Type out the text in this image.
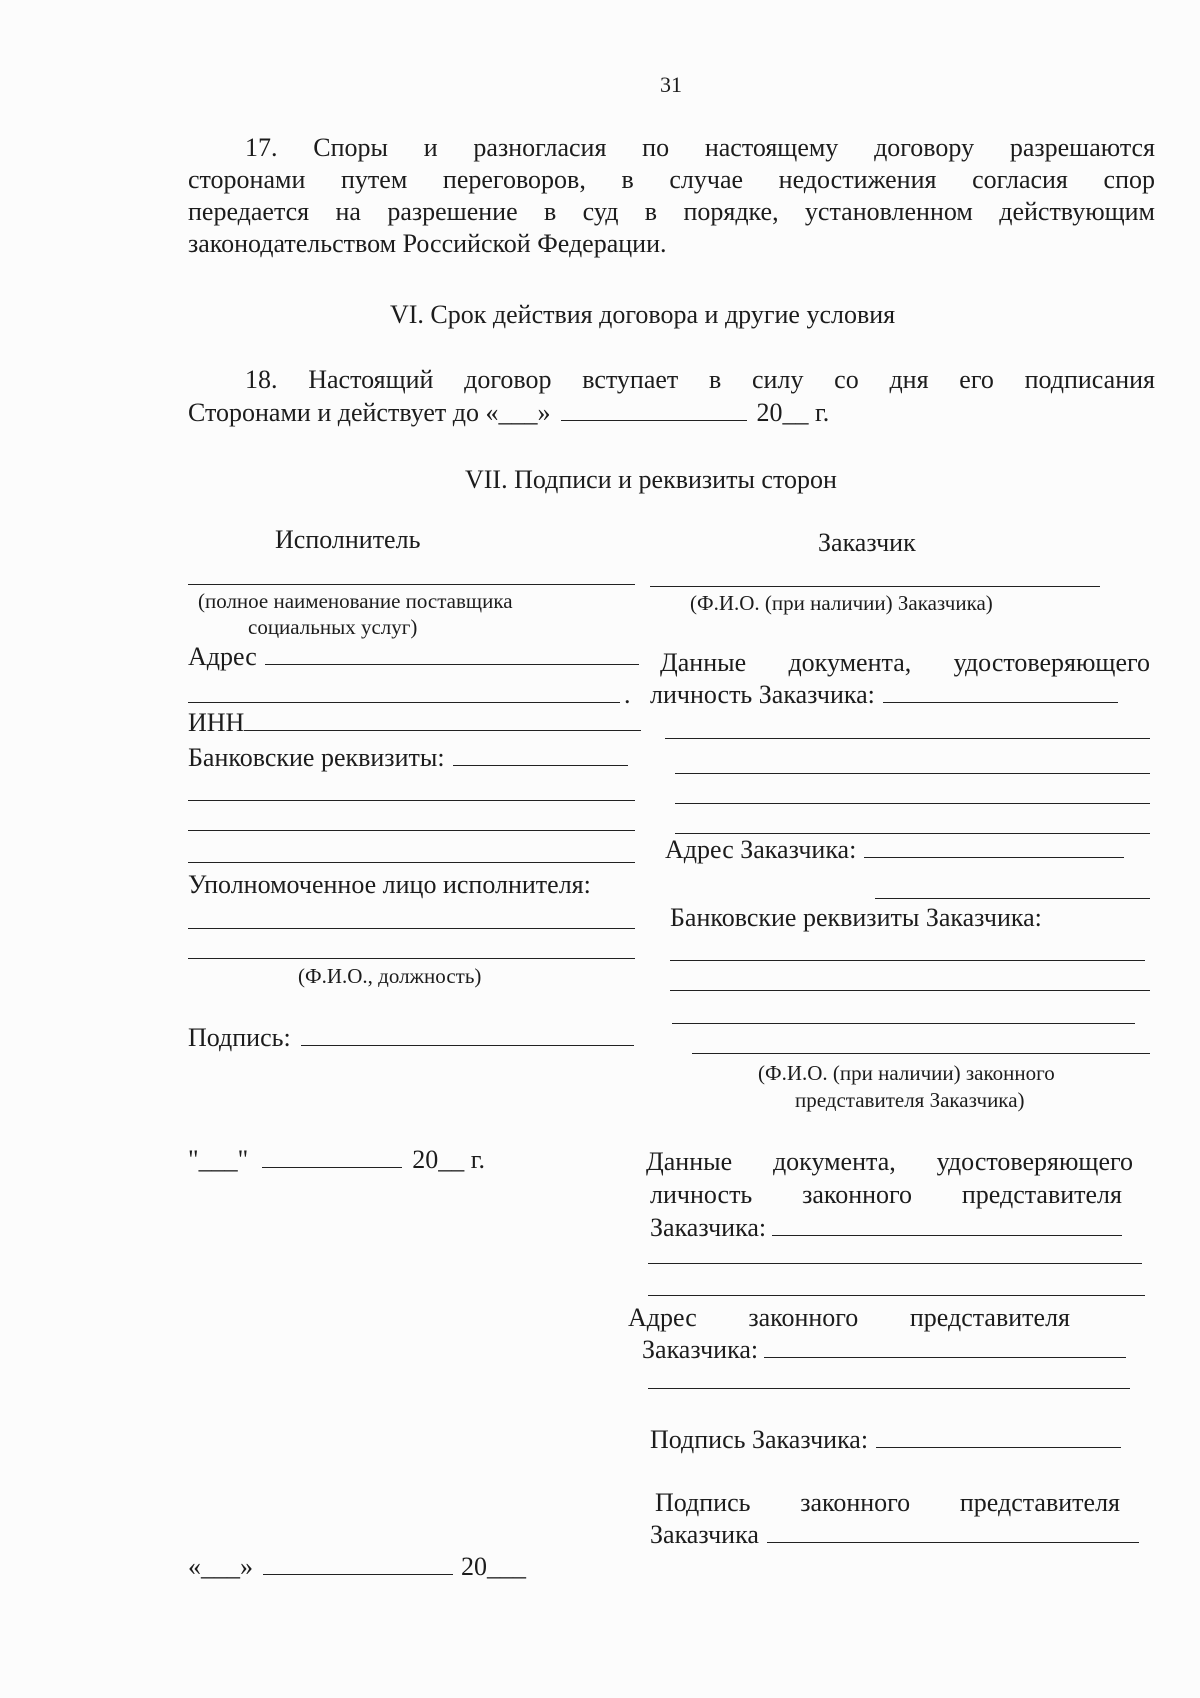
31
17. Споры и разногласия по настоящему договору разрешаются
сторонами путем переговоров, в случае недостижения согласия спор
передается на разрешение в суд в порядке, установленном действующим
законодательством Российской Федерации.
VI. Срок действия договора и другие условия
18. Настоящий договор вступает в силу со дня его подписания
Сторонами и действует до «___»	20__ г.
VII. Подписи и реквизиты сторон
Исполнитель
(полное наименование поставщика
социальных услуг)
Адрес
.
ИНН
Банковские реквизиты:
Уполномоченное лицо исполнителя:
(Ф.И.О., должность)
Подпись:
"___"	20__ г.
«___»	20___
Заказчик
(Ф.И.О. (при наличии) Заказчика)
Данные документа, удостоверяющего
личность Заказчика:
Адрес Заказчика:
Банковские реквизиты Заказчика:
(Ф.И.О. (при наличии) законного
представителя Заказчика)
Данные документа, удостоверяющего
личность законного представителя
Заказчика:
Адрес законного представителя
Заказчика:
Подпись Заказчика:
Подпись законного представителя
Заказчика
